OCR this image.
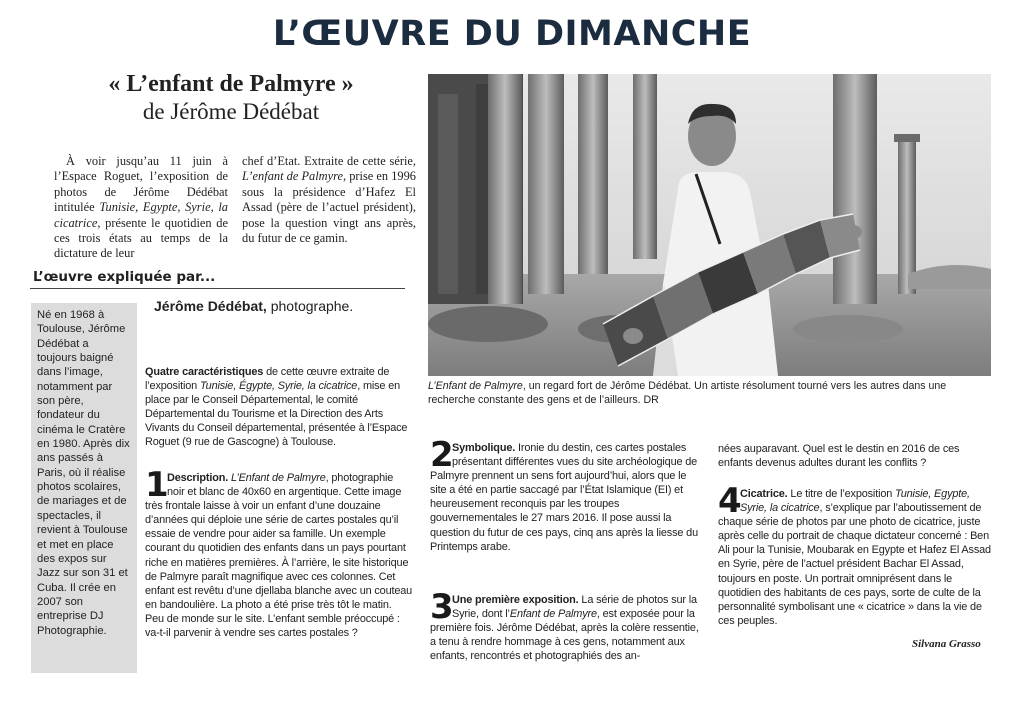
L’ŒUVRE DU DIMANCHE
« L’enfant de Palmyre »
de Jérôme Dédébat
À voir jusqu’au 11 juin à l’Espace Roguet, l’exposition de photos de Jérôme Dédébat intitulée Tunisie, Egypte, Syrie, la cicatrice, présente le quotidien de ces trois états au temps de la dictature de leur
chef d’Etat. Extraite de cette série, L’enfant de Palmyre, prise en 1996 sous la présidence d’Hafez El Assad (père de l’actuel président), pose la question vingt ans après, du futur de ce gamin.
L’œuvre expliquée par...
Né en 1968 à Toulouse, Jérôme Dédébat a toujours baigné dans l’image, notamment par son père, fondateur du cinéma le Cratère en 1980. Après dix ans passés à Paris, où il réalise photos scolaires, de mariages et de spectacles, il revient à Toulouse et met en place des expos sur Jazz sur son 31 et Cuba. Il crée en 2007 son entreprise DJ Photographie.
Jérôme Dédébat, photographe.
Quatre caractéristiques de cette œuvre extraite de l’exposition Tunisie, Égypte, Syrie, la cicatrice, mise en place par le Conseil Départemental, le comité Départemental du Tourisme et la Direction des Arts Vivants du Conseil départemental, présentée à l’Espace Roguet (9 rue de Gascogne) à Toulouse.
1
Description. L’Enfant de Palmyre, photographie noir et blanc de 40x60 en argentique. Cette image très frontale laisse à voir un enfant d’une douzaine d’années qui déploie une série de cartes postales qu’il essaie de vendre pour aider sa famille. Un exemple courant du quotidien des enfants dans un pays pourtant riche en matières premières. À l’arrière, le site historique de Palmyre paraît magnifique avec ces colonnes. Cet enfant est revêtu d’une djellaba blanche avec un couteau en bandoulière. La photo a été prise très tôt le matin. Peu de monde sur le site. L’enfant semble préoccupé : va-t-il parvenir à vendre ses cartes postales ?
L’Enfant de Palmyre, un regard fort de Jérôme Dédébat. Un artiste résolument tourné vers les autres dans une recherche constante des gens et de l’ailleurs. DR
2
Symbolique. Ironie du destin, ces cartes postales présentant différentes vues du site archéologique de Palmyre prennent un sens fort aujourd’hui, alors que le site a été en partie saccagé par l’État Islamique (EI) et heureusement reconquis par les troupes gouvernementales le 27 mars 2016. Il pose aussi la question du futur de ces pays, cinq ans après la liesse du Printemps arabe.
3
Une première exposition. La série de photos sur la Syrie, dont l’Enfant de Palmyre, est exposée pour la première fois. Jérôme Dédébat, après la colère ressentie, a tenu à rendre hommage à ces gens, notamment aux enfants, rencontrés et photographiés des an-
nées auparavant. Quel est le destin en 2016 de ces enfants devenus adultes durant les conflits ?
4
Cicatrice. Le titre de l’exposition Tunisie, Egypte, Syrie, la cicatrice, s’explique par l’aboutissement de chaque série de photos par une photo de cicatrice, juste après celle du portrait de chaque dictateur concerné : Ben Ali pour la Tunisie, Moubarak en Egypte et Hafez El Assad en Syrie, père de l’actuel président Bachar El Assad, toujours en poste. Un portrait omniprésent dans le quotidien des habitants de ces pays, sorte de culte de la personnalité symbolisant une « cicatrice » dans la vie de ces peuples.
Silvana Grasso
